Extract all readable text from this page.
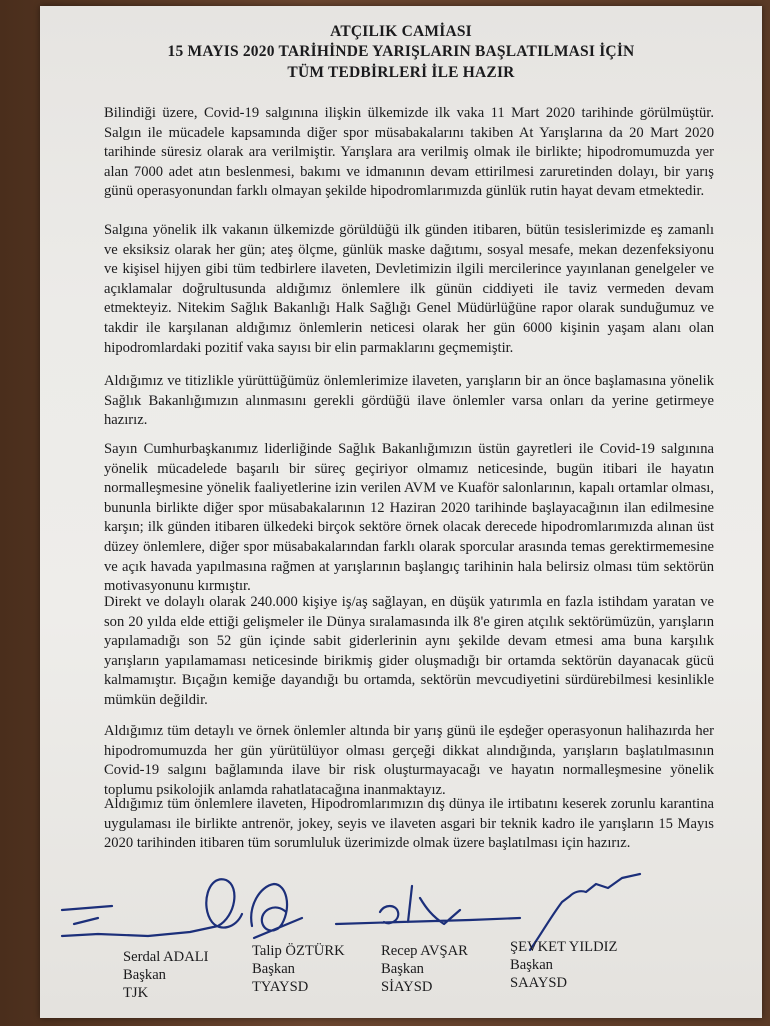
ATÇILIK CAMİASI
15 MAYIS 2020 TARİHİNDE YARIŞLARIN BAŞLATILMASI İÇİN
TÜM TEDBİRLERİ İLE HAZIR

Bilindiği üzere, Covid-19 salgınına ilişkin ülkemizde ilk vaka 11 Mart 2020 tarihinde görülmüştür. Salgın ile mücadele kapsamında diğer spor müsabakalarını takiben At Yarışlarına da 20 Mart 2020 tarihinde süresiz olarak ara verilmiştir. Yarışlara ara verilmiş olmak ile birlikte; hipodromumuzda yer alan 7000 adet atın beslenmesi, bakımı ve idmanının devam ettirilmesi zaruretinden dolayı, bir yarış günü operasyonundan farklı olmayan şekilde hipodromlarımızda günlük rutin hayat devam etmektedir.

Salgına yönelik ilk vakanın ülkemizde görüldüğü ilk günden itibaren, bütün tesislerimizde eş zamanlı ve eksiksiz olarak her gün; ateş ölçme, günlük maske dağıtımı, sosyal mesafe, mekan dezenfeksiyonu ve kişisel hijyen gibi tüm tedbirlere ilaveten, Devletimizin ilgili mercilerince yayınlanan genelgeler ve açıklamalar doğrultusunda aldığımız önlemlere ilk günün ciddiyeti ile taviz vermeden devam etmekteyiz. Nitekim Sağlık Bakanlığı Halk Sağlığı Genel Müdürlüğüne rapor olarak sunduğumuz ve takdir ile karşılanan aldığımız önlemlerin neticesi olarak her gün 6000 kişinin yaşam alanı olan hipodromlardaki pozitif vaka sayısı bir elin parmaklarını geçmemiştir.

Aldığımız ve titizlikle yürüttüğümüz önlemlerimize ilaveten, yarışların bir an önce başlamasına yönelik Sağlık Bakanlığımızın alınmasını gerekli gördüğü ilave önlemler varsa onları da yerine getirmeye hazırız.

Sayın Cumhurbaşkanımız liderliğinde Sağlık Bakanlığımızın üstün gayretleri ile Covid-19 salgınına yönelik mücadelede başarılı bir süreç geçiriyor olmamız neticesinde, bugün itibari ile hayatın normalleşmesine yönelik faaliyetlerine izin verilen AVM ve Kuaför salonlarının, kapalı ortamlar olması, bununla birlikte diğer spor müsabakalarının 12 Haziran 2020 tarihinde başlayacağının ilan edilmesine karşın; ilk günden itibaren ülkedeki birçok sektöre örnek olacak derecede hipodromlarımızda alınan üst düzey önlemlere, diğer spor müsabakalarından farklı olarak sporcular arasında temas gerektirmemesine ve açık havada yapılmasına rağmen at yarışlarının başlangıç tarihinin hala belirsiz olması tüm sektörün motivasyonunu kırmıştır.

Direkt ve dolaylı olarak 240.000 kişiye iş/aş sağlayan, en düşük yatırımla en fazla istihdam yaratan ve son 20 yılda elde ettiği gelişmeler ile Dünya sıralamasında ilk 8'e giren atçılık sektörümüzün, yarışların yapılamadığı son 52 gün içinde sabit giderlerinin aynı şekilde devam etmesi ama buna karşılık yarışların yapılamaması neticesinde birikmiş gider oluşmadığı bir ortamda sektörün dayanacak gücü kalmamıştır. Bıçağın kemiğe dayandığı bu ortamda, sektörün mevcudiyetini sürdürebilmesi kesinlikle mümkün değildir.

Aldığımız tüm detaylı ve örnek önlemler altında bir yarış günü ile eşdeğer operasyonun halihazırda her hipodromumuzda her gün yürütülüyor olması gerçeği dikkat alındığında, yarışların başlatılmasının Covid-19 salgını bağlamında ilave bir risk oluşturmayacağı ve hayatın normalleşmesine yönelik toplumu psikolojik anlamda rahatlatacağına inanmaktayız.

Aldığımız tüm önlemlere ilaveten, Hipodromlarımızın dış dünya ile irtibatını keserek zorunlu karantina uygulaması ile birlikte antrenör, jokey, seyis ve ilaveten asgari bir teknik kadro ile yarışların 15 Mayıs 2020 tarihinden itibaren tüm sorumluluk üzerimizde olmak üzere başlatılması için hazırız.

Serdal ADALI
Başkan
TJK
Talip ÖZTÜRK
Başkan
TYAYSD
Recep AVŞAR
Başkan
SİAYSD
ŞEVKET YILDIZ
Başkan
SAAYSD
